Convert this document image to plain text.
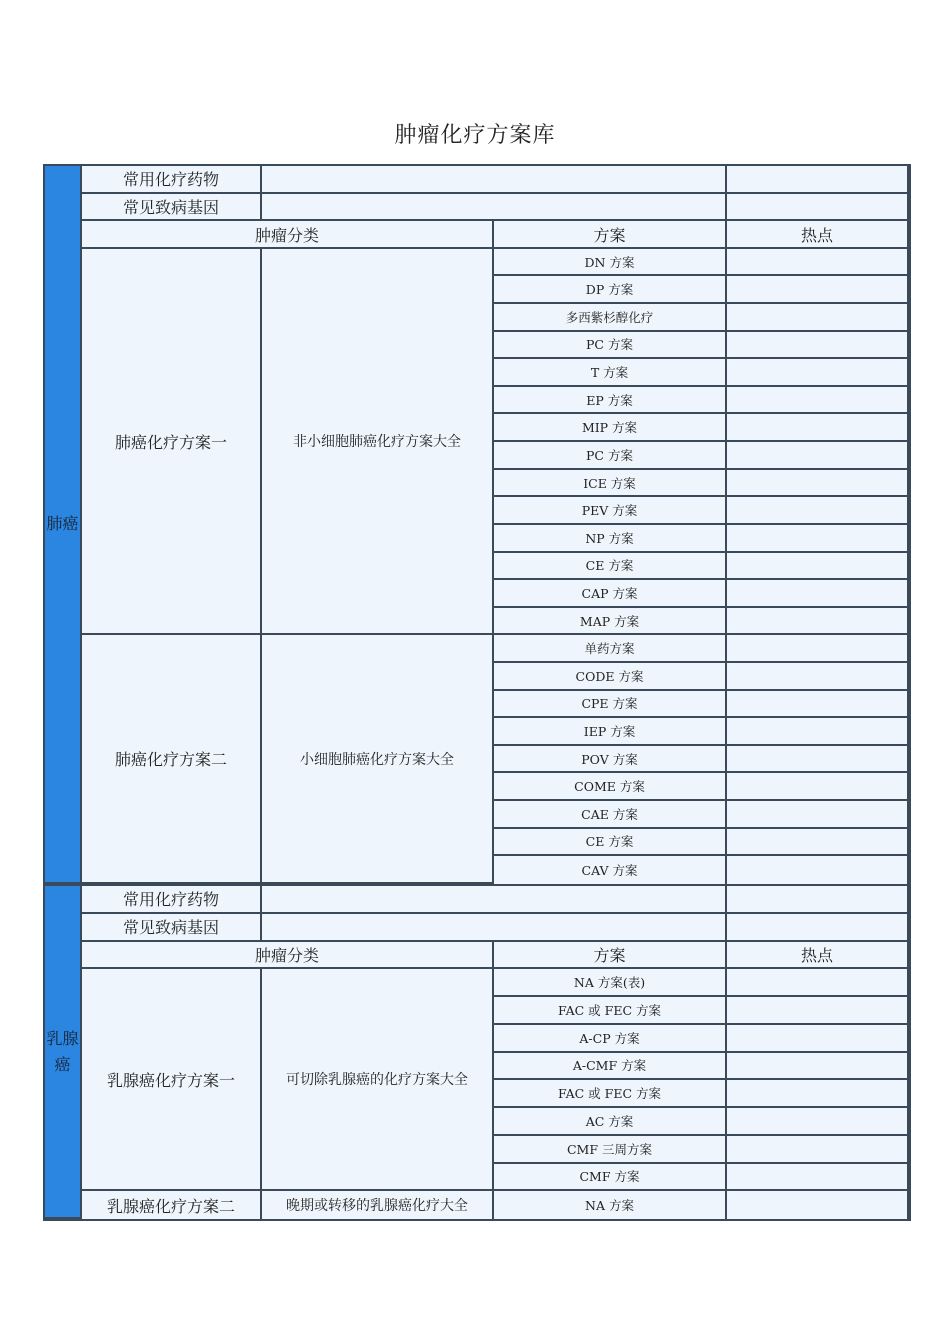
肿瘤化疗方案库
肺癌	常用化疗药物			
	常见致病基因			
	肿瘤分类		方案	热点
	肺癌化疗方案一	非小细胞肺癌化疗方案大全	DN 方案	
			DP 方案	
			多西紫杉醇化疗	
			PC 方案	
			T 方案	
			EP 方案	
			MIP 方案	
			PC 方案	
			ICE 方案	
			PEV 方案	
			NP 方案	
			CE 方案	
			CAP 方案	
			MAP 方案	
	肺癌化疗方案二	小细胞肺癌化疗方案大全	单药方案	
			CODE 方案	
			CPE 方案	
			IEP 方案	
			POV 方案	
			COME 方案	
			CAE 方案	
			CE 方案	
			CAV 方案	
乳腺癌	常用化疗药物			
	常见致病基因			
	肿瘤分类		方案	热点
	乳腺癌化疗方案一	可切除乳腺癌的化疗方案大全	NA 方案(表)	
			FAC 或 FEC 方案	
			A-CP 方案	
			A-CMF 方案	
			FAC 或 FEC 方案	
			AC 方案	
			CMF 三周方案	
			CMF 方案	
	乳腺癌化疗方案二	晚期或转移的乳腺癌化疗大全	NA 方案	
